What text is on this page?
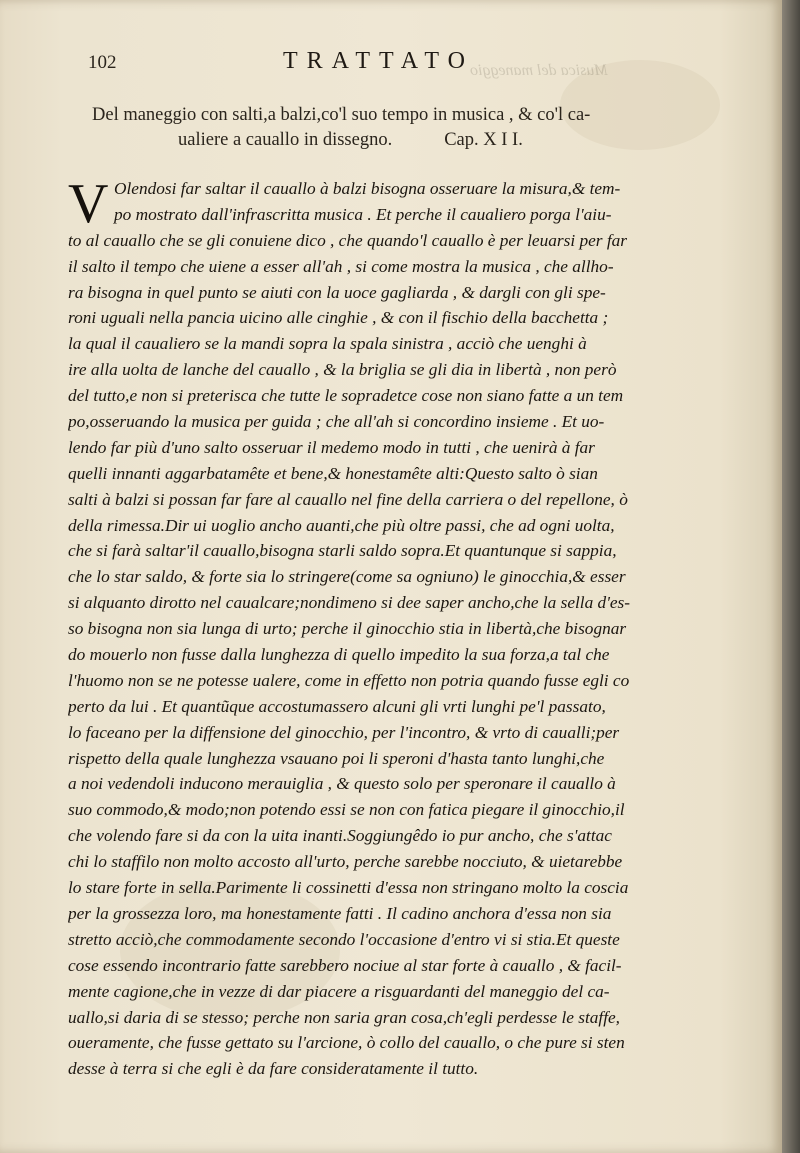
Musica del maneggio
102	TRATTATO
Del maneggio con salti,a balzi,co'l suo tempo in musica , & co'l ca-
ualiere a cauallo in dissegno.	Cap. X I I.
V Olendosi far saltar il cauallo à balzi bisogna osseruare la misura,& tem-
po mostrato dall'infrascritta musica . Et perche il caualiero porga l'aiu-
to al cauallo che se gli conuiene dico , che quando'l cauallo è per leuarsi per far
il salto il tempo che uiene a esser all'ah , si come mostra la musica , che allho-
ra bisogna in quel punto se aiuti con la uoce gagliarda , & dargli con gli spe-
roni uguali nella pancia uicino alle cinghie , & con il fischio della bacchetta ;
la qual il caualiero se la mandi sopra la spala sinistra , acciò che uenghi à
ire alla uolta de lanche del cauallo , & la briglia se gli dia in libertà , non però
del tutto,e non si preterisca che tutte le sopradetce cose non siano fatte a un tem
po,osseruando la musica per guida ; che all'ah si concordino insieme . Et uo-
lendo far più d'uno salto osseruar il medemo modo in tutti , che uenirà à far
quelli innanti aggarbatamête et bene,& honestamête alti:Questo salto ò sian
salti à balzi si possan far fare al cauallo nel fine della carriera o del repellone, ò
della rimessa.Dir ui uoglio ancho auanti,che più oltre passi, che ad ogni uolta,
che si farà saltar'il cauallo,bisogna starli saldo sopra.Et quantunque si sappia,
che lo star saldo, & forte sia lo stringere(come sa ogniuno) le ginocchia,& esser
si alquanto dirotto nel caualcare;nondimeno si dee saper ancho,che la sella d'es-
so bisogna non sia lunga di urto; perche il ginocchio stia in libertà,che bisognar
do mouerlo non fusse dalla lunghezza di quello impedito la sua forza,a tal che
l'huomo non se ne potesse ualere, come in effetto non potria quando fusse egli co
perto da lui . Et quantũque accostumassero alcuni gli vrti lunghi pe'l passato,
lo faceano per la diffensione del ginocchio, per l'incontro, & vrto di caualli;per
rispetto della quale lunghezza vsauano poi li speroni d'hasta tanto lunghi,che
a noi vedendoli inducono merauiglia , & questo solo per speronare il cauallo à
suo commodo,& modo;non potendo essi se non con fatica piegare il ginocchio,il
che volendo fare si da con la uita inanti.Soggiungêdo io pur ancho, che s'attac
chi lo staffilo non molto accosto all'urto, perche sarebbe nocciuto, & uietarebbe
lo stare forte in sella.Parimente li cossinetti d'essa non stringano molto la coscia
per la grossezza loro, ma honestamente fatti . Il cadino anchora d'essa non sia
stretto acciò,che commodamente secondo l'occasione d'entro vi si stia.Et queste
cose essendo incontrario fatte sarebbero nociue al star forte à cauallo , & facil-
mente cagione,che in vezze di dar piacere a risguardanti del maneggio del ca-
uallo,si daria di se stesso; perche non saria gran cosa,ch'egli perdesse le staffe,
oueramente, che fusse gettato su l'arcione, ò collo del cauallo, o che pure si sten
desse à terra si che egli è da fare consideratamente il tutto.
